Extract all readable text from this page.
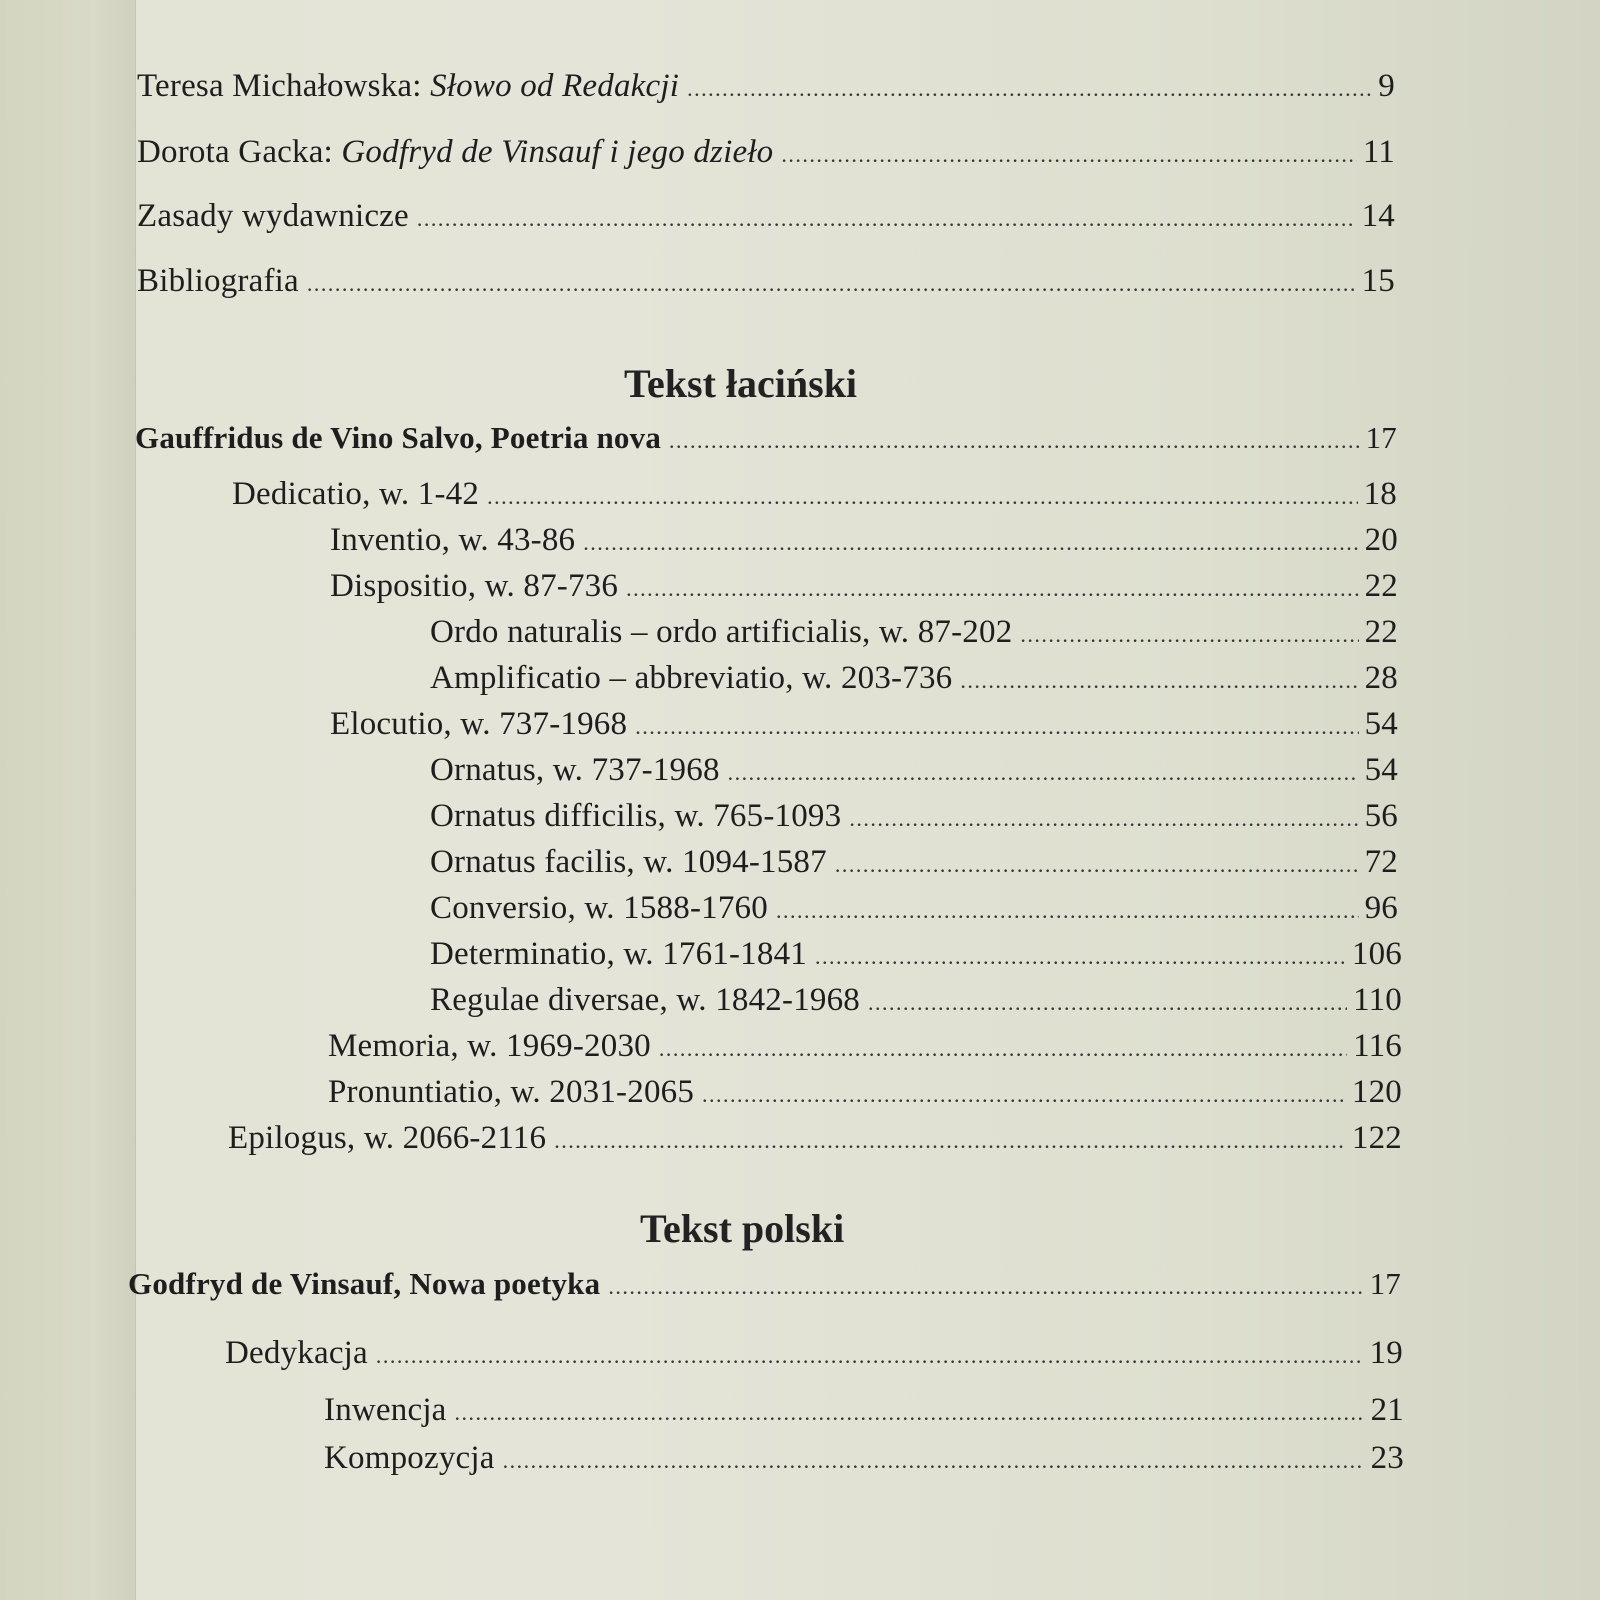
Teresa Michałowska: Słowo od Redakcji . . .	9
Dorota Gacka: Godfryd de Vinsauf i jego dzieło . . .	11
Zasady wydawnicze . . .	14
Bibliografia . . .	15
Tekst łaciński
Gauffridus de Vino Salvo, Poetria nova . . .	17
Dedicatio, w. 1-42 . . .	18
Inventio, w. 43-86 . . .	20
Dispositio, w. 87-736 . . .	22
Ordo naturalis – ordo artificialis, w. 87-202 . . .	22
Amplificatio – abbreviatio, w. 203-736 . . .	28
Elocutio, w. 737-1968 . . .	54
Ornatus, w. 737-1968 . . .	54
Ornatus difficilis, w. 765-1093 . . .	56
Ornatus facilis, w. 1094-1587 . . .	72
Conversio, w. 1588-1760 . . .	96
Determinatio, w. 1761-1841 . . .	106
Regulae diversae, w. 1842-1968 . . .	110
Memoria, w. 1969-2030 . . .	116
Pronuntiatio, w. 2031-2065 . . .	120
Epilogus, w. 2066-2116 . . .	122
Tekst polski
Godfryd de Vinsauf, Nowa poetyka . . .	17
Dedykacja . . .	19
Inwencja . . .	21
Kompozycja . . .	23
